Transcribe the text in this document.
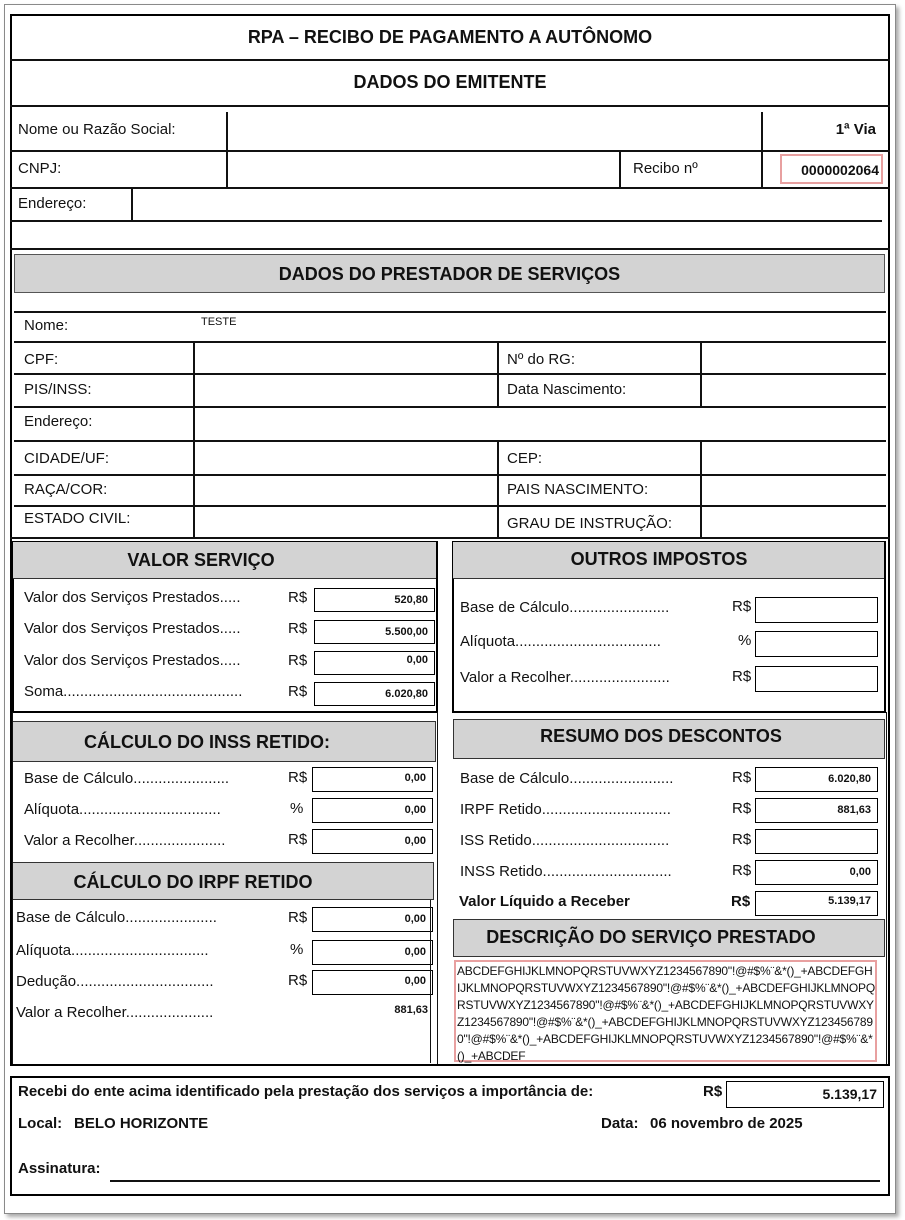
RPA – RECIBO DE PAGAMENTO A AUTÔNOMO
DADOS DO EMITENTE
Nome ou Razão Social:	1ª Via
CNPJ:	Recibo nº	0000002064
Endereço:
DADOS DO PRESTADOR DE SERVIÇOS
Nome:	TESTE
CPF:	Nº do RG:
PIS/INSS:	Data Nascimento:
Endereço:
CIDADE/UF:	CEP:
RAÇA/COR:	PAIS NASCIMENTO:
ESTADO CIVIL:	GRAU DE INSTRUÇÃO:
VALOR SERVIÇO
Valor dos Serviços Prestados.....	R$	520,80
Valor dos Serviços Prestados.....	R$	5.500,00
Valor dos Serviços Prestados.....	R$	0,00
Soma...........................................	R$	6.020,80
OUTROS IMPOSTOS
Base de Cálculo........................	R$
Alíquota...................................	%
Valor a Recolher........................	R$
CÁLCULO DO INSS RETIDO:
Base de Cálculo.......................	R$	0,00
Alíquota..................................	%	0,00
Valor a Recolher......................	R$	0,00
CÁLCULO DO IRPF RETIDO
Base de Cálculo......................	R$	0,00
Alíquota.................................	%	0,00
Dedução.................................	R$	0,00
Valor a Recolher.....................	881,63
RESUMO DOS DESCONTOS
Base de Cálculo.........................	R$	6.020,80
IRPF Retido...............................	R$	881,63
ISS Retido.................................	R$
INSS Retido...............................	R$	0,00
Valor Líquido a Receber	R$	5.139,17
DESCRIÇÃO DO SERVIÇO PRESTADO
ABCDEFGHIJKLMNOPQRSTUVWXYZ1234567890"!@#$%¨&*()_+ABCDEFGHIJKLMNOPQRSTUVWXYZ1234567890"!@#$%¨&*()_+ABCDEFGHIJKLMNOPQRSTUVWXYZ1234567890"!@#$%¨&*()_+ABCDEFGHIJKLMNOPQRSTUVWXYZ1234567890"!@#$%¨&*()_+ABCDEFGHIJKLMNOPQRSTUVWXYZ1234567890"!@#$%¨&*()_+ABCDEFGHIJKLMNOPQRSTUVWXYZ1234567890"!@#$%¨&*()_+ABCDEF
Recebi do ente acima identificado pela prestação dos serviços a importância de:	R$	5.139,17
Local: BELO HORIZONTE	Data: 06 novembro de 2025
Assinatura:
